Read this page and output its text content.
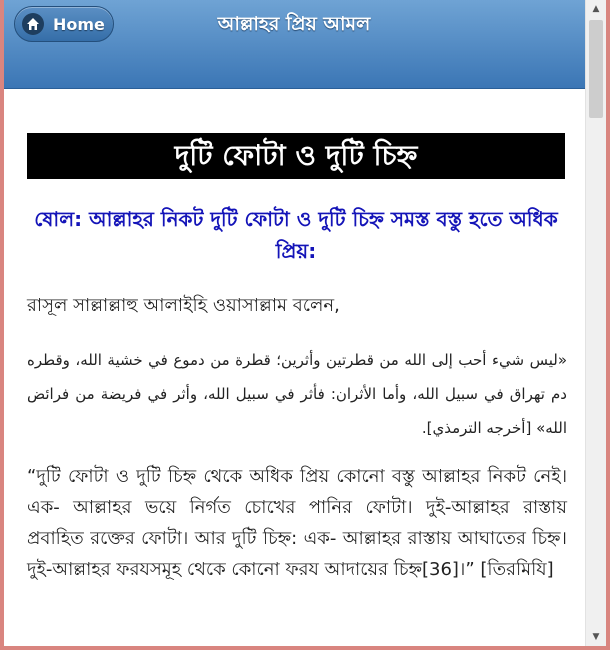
Home	আল্লাহর প্রিয় আমল
দুটি ফোটা ও দুটি চিহ্ন
ষোল: আল্লাহর নিকট দুটি ফোটা ও দুটি চিহ্ন সমস্ত বস্তু হতে অধিক প্রিয়:
রাসূল সাল্লাল্লাহু আলাইহি ওয়াসাল্লাম বলেন,
«ليس شيء أحب إلى الله من قطرتين وأثرين؛ قطرة من دموع في خشية الله، وقطره دم تهراق في سبيل الله، وأما الأثران: فأثر في سبيل الله، وأثر في فريضة من فرائض الله» [أخرجه الترمذي].
“দুটি ফোটা ও দুটি চিহ্ন থেকে অধিক প্রিয় কোনো বস্তু আল্লাহর নিকট নেই। এক- আল্লাহর ভয়ে নির্গত চোখের পানির ফোটা। দুই-আল্লাহর রাস্তায় প্রবাহিত রক্তের ফোটা। আর দুটি চিহ্ন: এক- আল্লাহর রাস্তায় আঘাতের চিহ্ন। দুই-আল্লাহর ফরযসমূহ থেকে কোনো ফরয আদায়ের চিহ্ন[36]।” [তিরমিযি]
▲
▼
